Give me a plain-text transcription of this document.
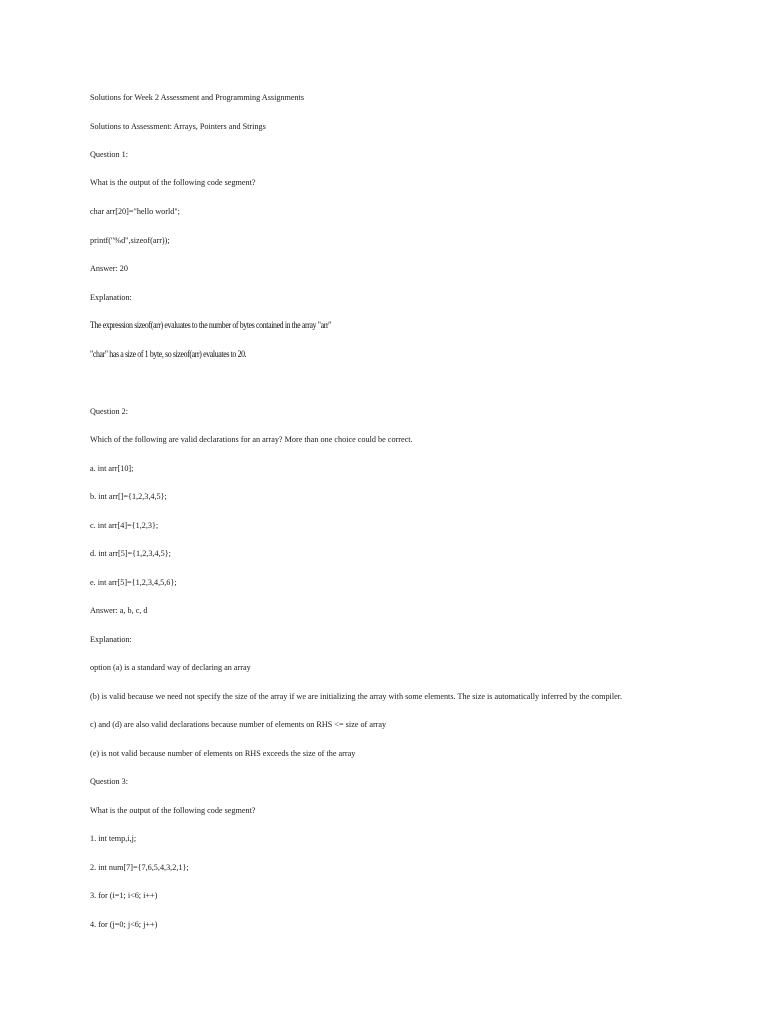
Solutions for Week 2 Assessment and Programming Assignments
Solutions to Assessment: Arrays, Pointers and Strings
Question 1:
What is the output of the following code segment?
char arr[20]="hello world";
printf("%d",sizeof(arr));
Answer: 20
Explanation:
The expression sizeof(arr) evaluates to the number of bytes contained in the array "arr"
"char" has a size of 1 byte, so sizeof(arr) evaluates to 20.
Question 2:
Which of the following are valid declarations for an array? More than one choice could be correct.
a. int arr[10];
b. int arr[]={1,2,3,4,5};
c. int arr[4]={1,2,3};
d. int arr[5]={1,2,3,4,5};
e. int arr[5]={1,2,3,4,5,6};
Answer: a, b, c, d
Explanation:
option (a) is a standard way of declaring an array
(b) is valid because we need not specify the size of the array if we are initializing the array with some elements. The size is automatically inferred by the compiler.
c) and (d) are also valid declarations because number of elements on RHS <= size of array
(e) is not valid because number of elements on RHS exceeds the size of the array
Question 3:
What is the output of the following code segment?
1. int temp,i,j;
2. int num[7]={7,6,5,4,3,2,1};
3. for (i=1; i<6; i++)
4. for (j=0; j<6; j++)
